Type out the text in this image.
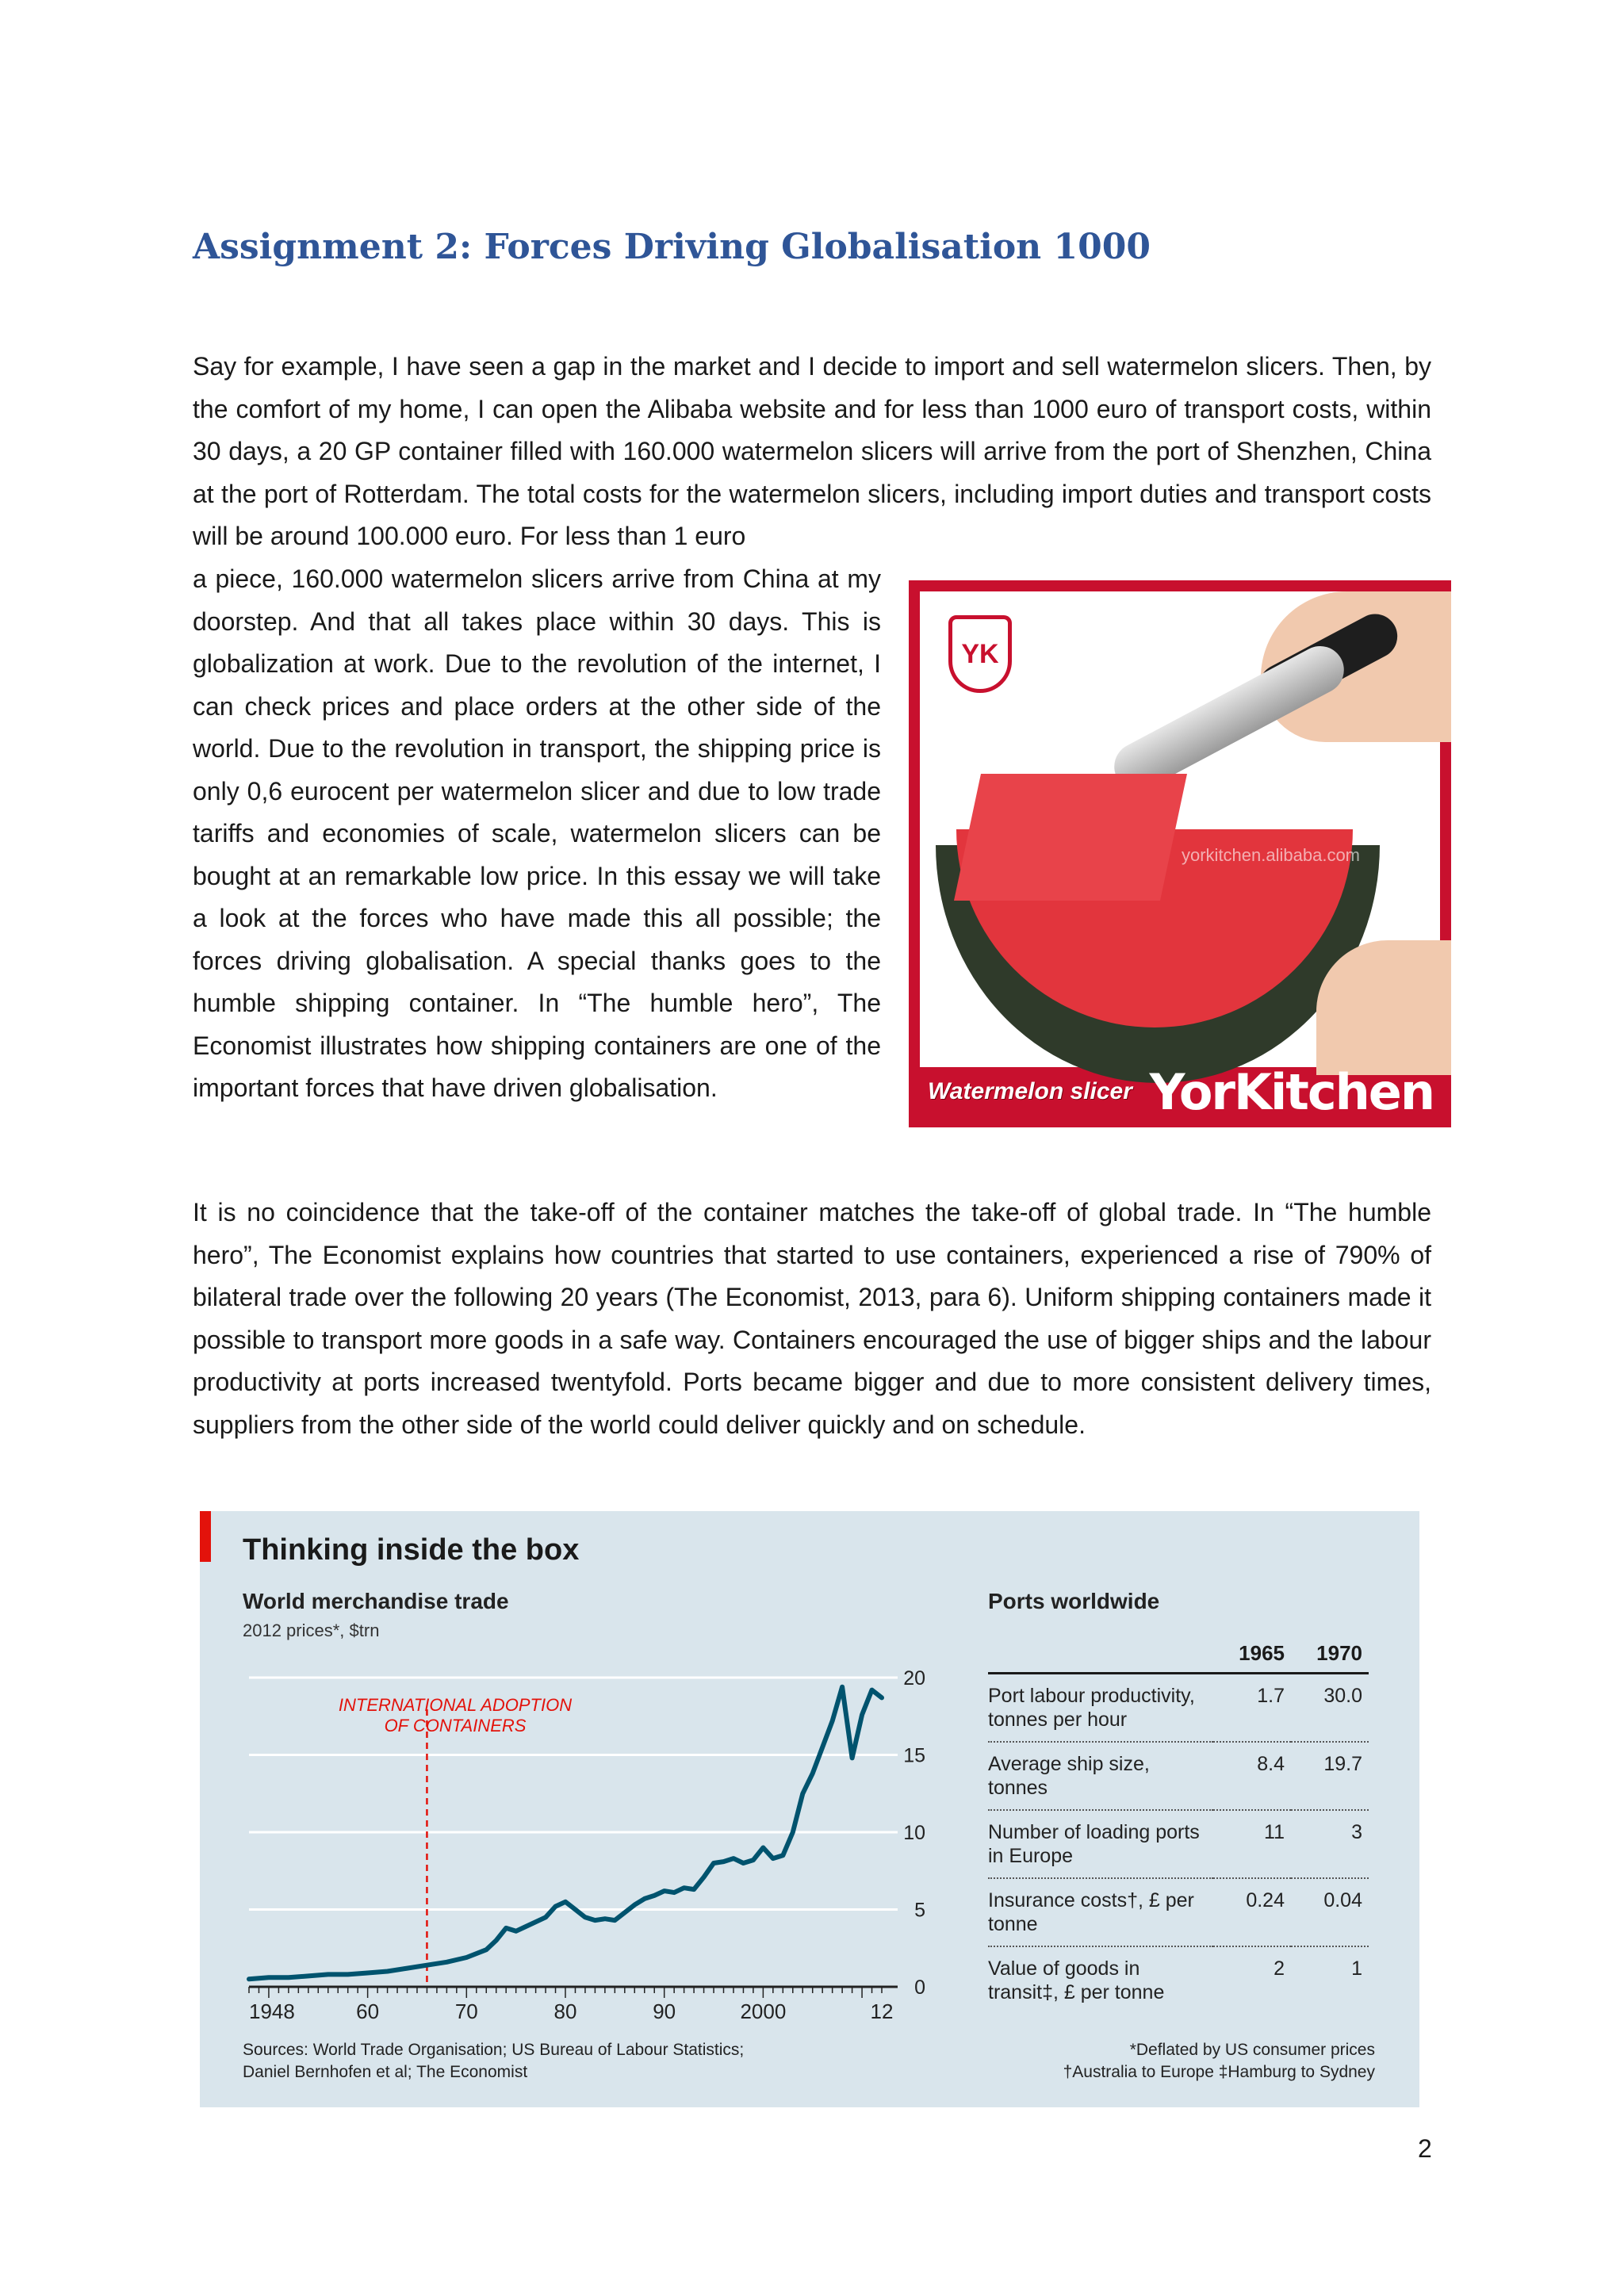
Assignment 2: Forces Driving Globalisation 1000

Say for example, I have seen a gap in the market and I decide to import and sell watermelon slicers. Then, by the comfort of my home, I can open the Alibaba website and for less than 1000 euro of transport costs, within 30 days, a 20 GP container filled with 160.000 watermelon slicers will arrive from the port of Shenzhen, China at the port of Rotterdam. The total costs for the watermelon slicers, including import duties and transport costs will be around 100.000 euro. For less than 1 euro

a piece, 160.000 watermelon slicers arrive from China at my doorstep. And that all takes place within 30 days. This is globalization at work. Due to the revolution of the internet, I can check prices and place orders at the other side of the world. Due to the revolution in transport, the shipping price is only 0,6 eurocent per watermelon slicer and due to low trade tariffs and economies of scale, watermelon slicers can be bought at an remarkable low price. In this essay we will take a look at the forces who have made this all possible; the forces driving globalisation. A special thanks goes to the humble shipping container. In “The humble hero”, The Economist illustrates how shipping containers are one of the important forces that have driven globalisation.

YK
yorkitchen.alibaba.com
Watermelon slicer YorKitchen

It is no coincidence that the take-off of the container matches the take-off of global trade. In “The humble hero”, The Economist explains how countries that started to use containers, experienced a rise of 790% of bilateral trade over the following 20 years (The Economist, 2013, para 6). Uniform shipping containers made it possible to transport more goods in a safe way. Containers encouraged the use of bigger ships and the labour productivity at ports increased twentyfold. Ports became bigger and due to more consistent delivery times, suppliers from the other side of the world could deliver quickly and on schedule.

Thinking inside the box
World merchandise trade
2012 prices*, $trn
INTERNATIONAL ADOPTION
OF CONTAINERS
0
5
10
15
20
1948	60	70	80	90	2000	12
Ports worldwide
	1965	1970
Port labour productivity, tonnes per hour	1.7	30.0
Average ship size, tonnes	8.4	19.7
Number of loading ports in Europe	11	3
Insurance costs†, £ per tonne	0.24	0.04
Value of goods in transit‡, £ per tonne	2	1
Sources: World Trade Organisation; US Bureau of Labour Statistics;
Daniel Bernhofen et al; The Economist
*Deflated by US consumer prices
†Australia to Europe ‡Hamburg to Sydney
2
